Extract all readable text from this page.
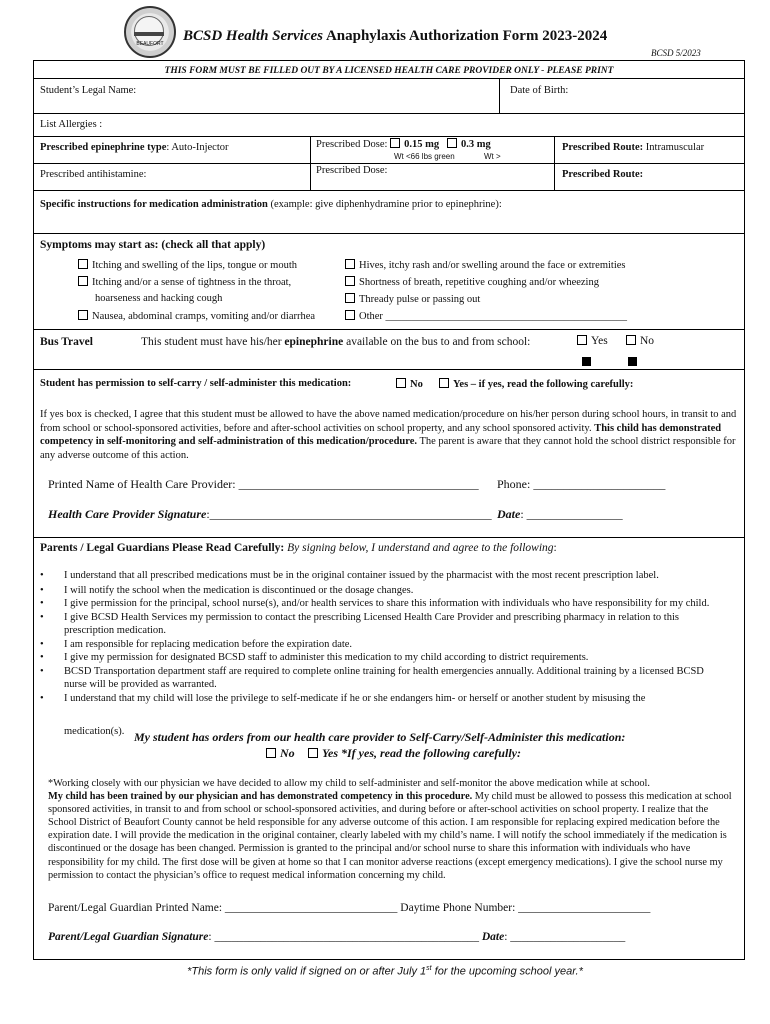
BEAUFORT	BCSD Health Services Anaphylaxis Authorization Form 2023-2024
BCSD 5/2023
THIS FORM MUST BE FILLED OUT BY A LICENSED HEALTH CARE PROVIDER ONLY - PLEASE PRINT
Student’s Legal Name:	Date of Birth:
List Allergies :
Prescribed epinephrine type: Auto-Injector	Prescribed Dose: 0.15 mg 0.3 mg
Wt <66 lbs green	Wt >
Prescribed Route: Intramuscular
Prescribed antihistamine:	Prescribed Dose:	Prescribed Route:
Specific instructions for medication administration (example: give diphenhydramine prior to epinephrine):
Symptoms may start as: (check all that apply)
Itching and swelling of the lips, tongue or mouth
Itching and/or a sense of tightness in the throat,
hoarseness and hacking cough
Nausea, abdominal cramps, vomiting and/or diarrhea
Hives, itchy rash and/or swelling around the face or extremities
Shortness of breath, repetitive coughing and/or wheezing
Thready pulse or passing out
Other ______________________________________________
Bus Travel	This student must have his/her epinephrine available on the bus to and from school:	Yes	No
Student has permission to self-carry / self-administer this medication:	No	Yes – if yes, read the following carefully:
If yes box is checked, I agree that this student must be allowed to have the above named medication/procedure on his/her person during school hours, in transit to and from school or school-sponsored activities, before and after-school activities on school property, and any school sponsored activity. This child has demonstrated competency in self-monitoring and self-administration of this medication/procedure. The parent is aware that they cannot hold the school district responsible for any adverse outcome of this action.
Printed Name of Health Care Provider: ________________________________________ Phone: ______________________
Health Care Provider Signature:_______________________________________________ Date: ________________
Parents / Legal Guardians Please Read Carefully: By signing below, I understand and agree to the following:
• I understand that all prescribed medications must be in the original container issued by the pharmacist with the most recent prescription label.
• I will notify the school when the medication is discontinued or the dosage changes.
• I give permission for the principal, school nurse(s), and/or health services to share this information with individuals who have responsibility for my child.
• I give BCSD Health Services my permission to contact the prescribing Licensed Health Care Provider and prescribing pharmacy in relation to this prescription medication.
• I am responsible for replacing medication before the expiration date.
• I give my permission for designated BCSD staff to administer this medication to my child according to district requirements.
• BCSD Transportation department staff are required to complete online training for health emergencies annually. Additional training by a licensed BCSD nurse will be provided as warranted.
• I understand that my child will lose the privilege to self-medicate if he or she endangers him- or herself or another student by misusing the
medication(s). My student has orders from our health care provider to Self-Carry/Self-Administer this medication:
No	Yes *If yes, read the following carefully:
*Working closely with our physician we have decided to allow my child to self-administer and self-monitor the above medication while at school.
My child has been trained by our physician and has demonstrated competency in this procedure. My child must be allowed to possess this medication at school sponsored activities, in transit to and from school or school-sponsored activities, and during before or after-school activities on school property. I realize that the School District of Beaufort County cannot be held responsible for any adverse outcome of this action. I am responsible for replacing expired medication before the expiration date. I will provide the medication in the original container, clearly labeled with my child’s name. I will notify the school immediately if the medication is discontinued or the dosage has been changed. Permission is granted to the principal and/or school nurse to share this information with individuals who have responsibility for my child. The first dose will be given at home so that I can monitor adverse reactions (except emergency medications). I give the school nurse my permission to contact the physician’s office to request medical information concerning my child.
Parent/Legal Guardian Printed Name: ______________________________ Daytime Phone Number: _______________________
Parent/Legal Guardian Signature: ______________________________________________ Date: ____________________
*This form is only valid if signed on or after July 1st for the upcoming school year.*
